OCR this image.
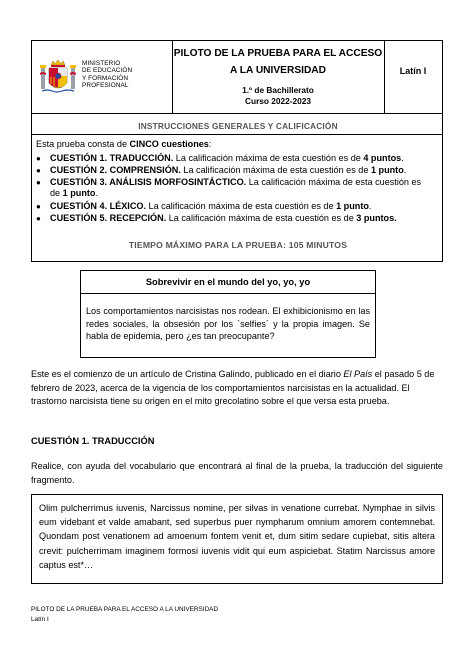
MINISTERIO
DE EDUCACIÓN
Y FORMACIÓN PROFESIONAL
PILOTO DE LA PRUEBA PARA EL ACCESO
A LA UNIVERSIDAD
1.º de Bachillerato
Curso 2022-2023
Latín I
INSTRUCCIONES GENERALES Y CALIFICACIÓN
Esta prueba consta de CINCO cuestiones:
● CUESTIÓN 1. TRADUCCIÓN. La calificación máxima de esta cuestión es de 4 puntos.
● CUESTIÓN 2. COMPRENSIÓN. La calificación máxima de esta cuestión es de 1 punto.
● CUESTIÓN 3. ANÁLISIS MORFOSINTÁCTICO. La calificación máxima de esta cuestión es de 1 punto.
● CUESTIÓN 4. LÉXICO. La calificación máxima de esta cuestión es de 1 punto.
● CUESTIÓN 5. RECEPCIÓN. La calificación máxima de esta cuestión es de 3 puntos.
TIEMPO MÁXIMO PARA LA PRUEBA: 105 MINUTOS
Sobrevivir en el mundo del yo, yo, yo
Los comportamientos narcisistas nos rodean. El exhibicionismo en las redes sociales, la obsesión por los `selfies´ y la propia imagen. Se habla de epidemia, pero ¿es tan preocupante?
Este es el comienzo de un artículo de Cristina Galindo, publicado en el diario El País el pasado 5 de febrero de 2023, acerca de la vigencia de los comportamientos narcisistas en la actualidad. El trastorno narcisista tiene su origen en el mito grecolatino sobre el que versa esta prueba.
CUESTIÓN 1. TRADUCCIÓN
Realice, con ayuda del vocabulario que encontrará al final de la prueba, la traducción del siguiente fragmento.
Olim pulcherrimus iuvenis, Narcissus nomine, per silvas in venatione currebat. Nymphae in silvis eum videbant et valde amabant, sed superbus puer nympharum omnium amorem contemnebat. Quondam post venationem ad amoenum fontem venit et, dum sitim sedare cupiebat, sitis altera crevit: pulcherrimam imaginem formosi iuvenis vidit qui eum aspiciebat. Statim Narcissus amore captus est*…
PILOTO DE LA PRUEBA PARA EL ACCESO A LA UNIVERSIDAD
Latín I
